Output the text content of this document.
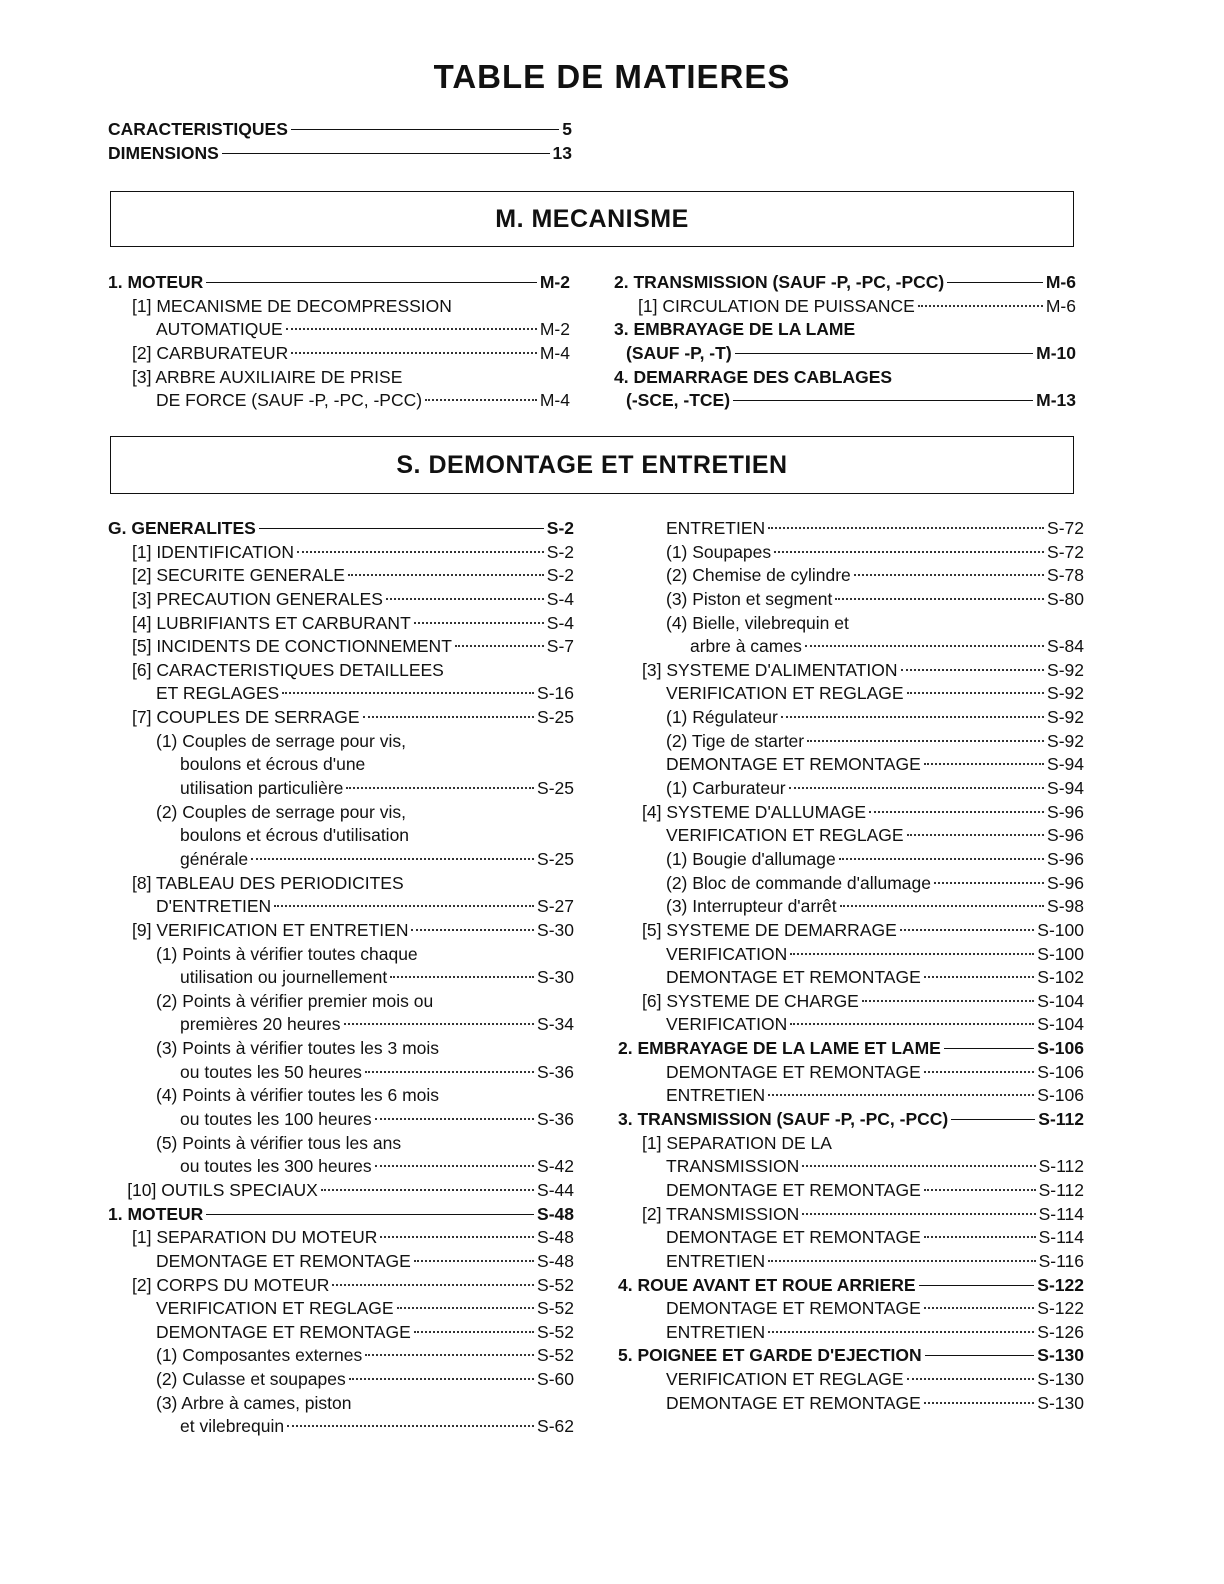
TABLE DE MATIERES
CARACTERISTIQUES	5
DIMENSIONS	13
M. MECANISME
1. MOTEUR	M-2
[1] MECANISME DE DECOMPRESSION
AUTOMATIQUE	M-2
[2] CARBURATEUR	M-4
[3] ARBRE AUXILIAIRE DE PRISE
DE FORCE (SAUF -P, -PC, -PCC)	M-4
2. TRANSMISSION (SAUF -P, -PC, -PCC)	M-6
[1] CIRCULATION DE PUISSANCE	M-6
3. EMBRAYAGE DE LA LAME
(SAUF -P, -T)	M-10
4. DEMARRAGE DES CABLAGES
(-SCE, -TCE)	M-13
S. DEMONTAGE ET ENTRETIEN
G. GENERALITES	S-2
[1] IDENTIFICATION	S-2
[2] SECURITE GENERALE	S-2
[3] PRECAUTION GENERALES	S-4
[4] LUBRIFIANTS ET CARBURANT	S-4
[5] INCIDENTS DE CONCTIONNEMENT	S-7
[6] CARACTERISTIQUES DETAILLEES
ET REGLAGES	S-16
[7] COUPLES DE SERRAGE	S-25
(1) Couples de serrage pour vis,
boulons et écrous d'une
utilisation particulière	S-25
(2) Couples de serrage pour vis,
boulons et écrous d'utilisation
générale	S-25
[8] TABLEAU DES PERIODICITES
D'ENTRETIEN	S-27
[9] VERIFICATION ET ENTRETIEN	S-30
(1) Points à vérifier toutes chaque
utilisation ou journellement	S-30
(2) Points à vérifier premier mois ou
premières 20 heures	S-34
(3) Points à vérifier toutes les 3 mois
ou toutes les 50 heures	S-36
(4) Points à vérifier toutes les 6 mois
ou toutes les 100 heures	S-36
(5) Points à vérifier tous les ans
ou toutes les 300 heures	S-42
[10] OUTILS SPECIAUX	S-44
1. MOTEUR	S-48
[1] SEPARATION DU MOTEUR	S-48
DEMONTAGE ET REMONTAGE	S-48
[2] CORPS DU MOTEUR	S-52
VERIFICATION ET REGLAGE	S-52
DEMONTAGE ET REMONTAGE	S-52
(1) Composantes externes	S-52
(2) Culasse et soupapes	S-60
(3) Arbre à cames, piston
et vilebrequin	S-62
ENTRETIEN	S-72
(1) Soupapes	S-72
(2) Chemise de cylindre	S-78
(3) Piston et segment	S-80
(4) Bielle, vilebrequin et
arbre à cames	S-84
[3] SYSTEME D'ALIMENTATION	S-92
VERIFICATION ET REGLAGE	S-92
(1) Régulateur	S-92
(2) Tige de starter	S-92
DEMONTAGE ET REMONTAGE	S-94
(1) Carburateur	S-94
[4] SYSTEME D'ALLUMAGE	S-96
VERIFICATION ET REGLAGE	S-96
(1) Bougie d'allumage	S-96
(2) Bloc de commande d'allumage	S-96
(3) Interrupteur d'arrêt	S-98
[5] SYSTEME DE DEMARRAGE	S-100
VERIFICATION	S-100
DEMONTAGE ET REMONTAGE	S-102
[6] SYSTEME DE CHARGE	S-104
VERIFICATION	S-104
2. EMBRAYAGE DE LA LAME ET LAME	S-106
DEMONTAGE ET REMONTAGE	S-106
ENTRETIEN	S-106
3. TRANSMISSION (SAUF -P, -PC, -PCC)	S-112
[1] SEPARATION DE LA
TRANSMISSION	S-112
DEMONTAGE ET REMONTAGE	S-112
[2] TRANSMISSION	S-114
DEMONTAGE ET REMONTAGE	S-114
ENTRETIEN	S-116
4. ROUE AVANT ET ROUE ARRIERE	S-122
DEMONTAGE ET REMONTAGE	S-122
ENTRETIEN	S-126
5. POIGNEE ET GARDE D'EJECTION	S-130
VERIFICATION ET REGLAGE	S-130
DEMONTAGE ET REMONTAGE	S-130
